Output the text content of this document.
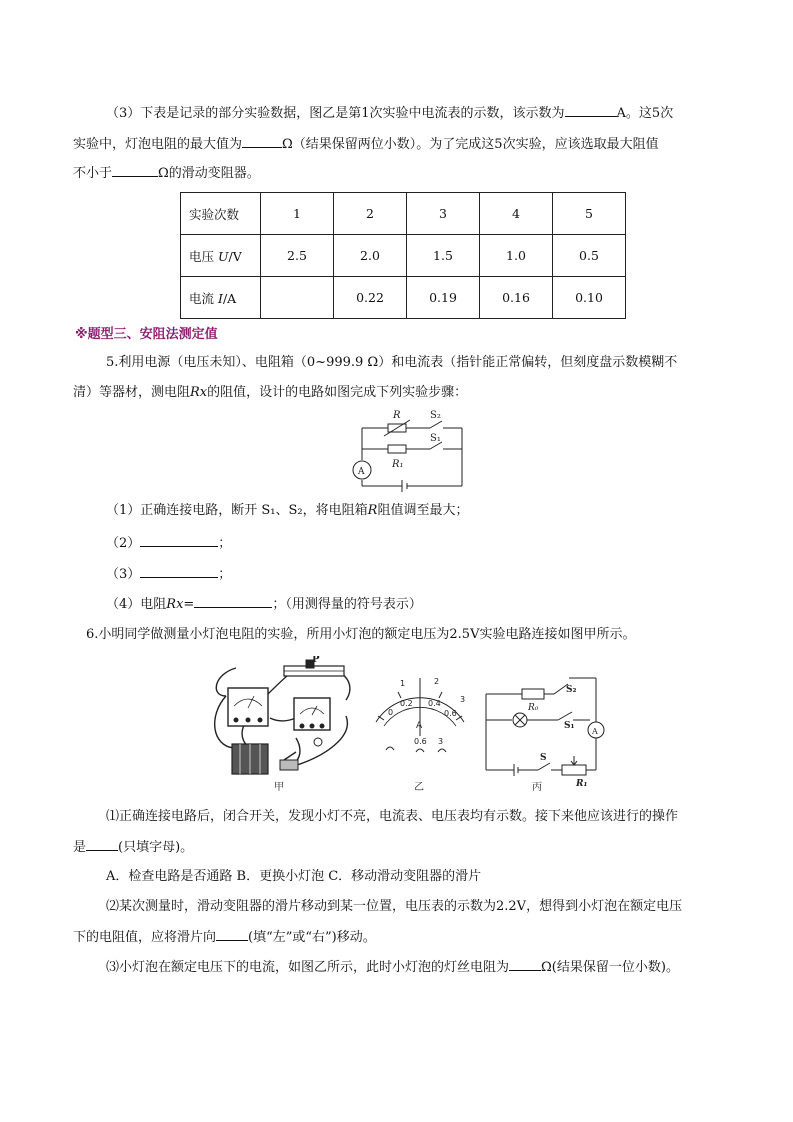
（3）下表是记录的部分实验数据，图乙是第1次实验中电流表的示数，该示数为	A。这5次
实验中，灯泡电阻的最大值为	Ω（结果保留两位小数）。为了完成这5次实验，应该选取最大阻值
不小于	Ω的滑动变阻器。
实验次数	1	2	3	4	5
电压 U/V	2.5	2.0	1.5	1.0	0.5
电流 I/A		0.22	0.19	0.16	0.10
※题型三、安阻法测定值
5.利用电源（电压未知）、电阻箱（0~999.9 Ω）和电流表（指针能正常偏转，但刻度盘示数模糊不
清）等器材，测电阻Rx的阻值，设计的电路如图完成下列实验步骤：
R	S₂
S₁
R₁
A
（1）正确连接电路，断开 S₁、S₂，将电阻箱R阻值调至最大；
（2）	；
（3）	；
（4）电阻Rx=	；（用测得量的符号表示）
6.小明同学做测量小灯泡电阻的实验，所用小灯泡的额定电压为2.5V实验电路连接如图甲所示。
P
甲
0
0.2 0.4
0.6
1	2
3
A
0.6 3
乙
S₂
R₀
S₁
A
S
R₁
丙
⑴正确连接电路后，闭合开关，发现小灯不亮，电流表、电压表均有示数。接下来他应该进行的操作
是 (只填字母)。
A．检查电路是否通路 B．更换小灯泡 C．移动滑动变阻器的滑片
⑵某次测量时，滑动变阻器的滑片移动到某一位置，电压表的示数为2.2V，想得到小灯泡在额定电压
下的电阻值，应将滑片向 (填“左”或“右”)移动。
⑶小灯泡在额定电压下的电流，如图乙所示，此时小灯泡的灯丝电阻为 Ω(结果保留一位小数)。
